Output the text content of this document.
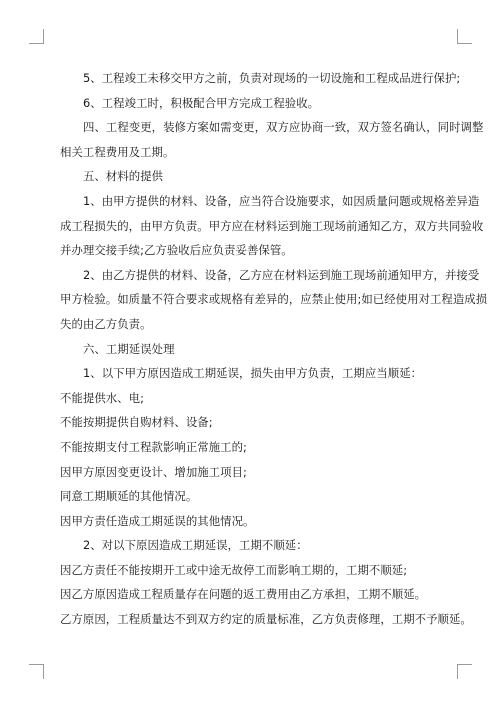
5、工程竣工未移交甲方之前，负责对现场的一切设施和工程成品进行保护;

6、工程竣工时，积极配合甲方完成工程验收。

四、工程变更，装修方案如需变更，双方应协商一致，双方签名确认，同时调整

相关工程费用及工期。

五、材料的提供

1、由甲方提供的材料、设备，应当符合设施要求，如因质量问题或规格差异造

成工程损失的，由甲方负责。甲方应在材料运到施工现场前通知乙方，双方共同验收

并办理交接手续;乙方验收后应负责妥善保管。

2、由乙方提供的材料、设备，乙方应在材料运到施工现场前通知甲方，并接受

甲方检验。如质量不符合要求或规格有差异的，应禁止使用;如已经使用对工程造成损

失的由乙方负责。

六、工期延误处理

1、以下甲方原因造成工期延误，损失由甲方负责，工期应当顺延：

不能提供水、电;

不能按期提供自购材料、设备;

不能按期支付工程款影响正常施工的;

因甲方原因变更设计、增加施工项目;

同意工期顺延的其他情况。

因甲方责任造成工期延误的其他情况。

2、对以下原因造成工期延误，工期不顺延：

因乙方责任不能按期开工或中途无故停工而影响工期的，工期不顺延;

因乙方原因造成工程质量存在问题的返工费用由乙方承担，工期不顺延。

乙方原因，工程质量达不到双方约定的质量标准，乙方负责修理，工期不予顺延。
